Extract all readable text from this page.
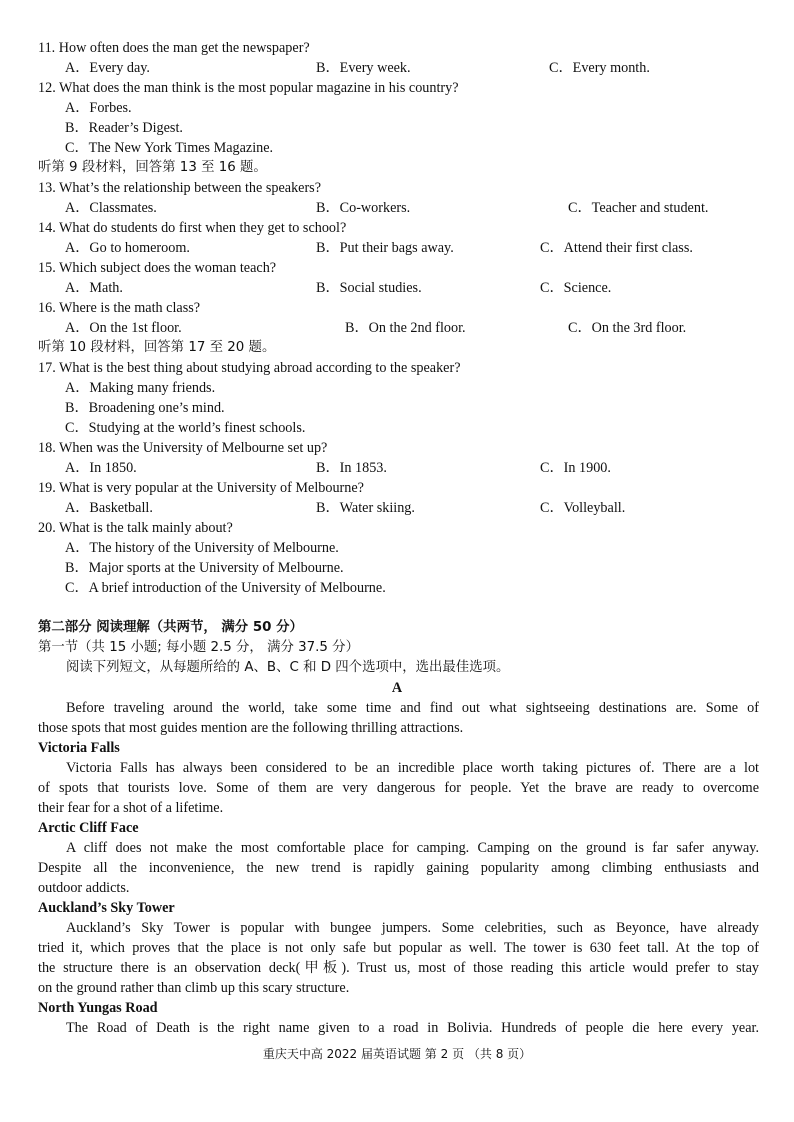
11. How often does the man get the newspaper?
A．Every day.	B．Every week.	C．Every month.
12. What does the man think is the most popular magazine in his country?
A．Forbes.
B．Reader’s Digest.
C．The New York Times Magazine.
听第 9 段材料，回答第 13 至 16 题。
13. What’s the relationship between the speakers?
A．Classmates.	B．Co-workers.	C．Teacher and student.
14. What do students do first when they get to school?
A．Go to homeroom.	B．Put their bags away.	C．Attend their first class.
15. Which subject does the woman teach?
A．Math.	B．Social studies.	C．Science.
16. Where is the math class?
A．On the 1st floor.	B．On the 2nd floor.	C．On the 3rd floor.
听第 10 段材料，回答第 17 至 20 题。
17. What is the best thing about studying abroad according to the speaker?
A．Making many friends.
B．Broadening one’s mind.
C．Studying at the world’s finest schools.
18. When was the University of Melbourne set up?
A．In 1850.	B．In 1853.	C．In 1900.
19. What is very popular at the University of Melbourne?
A．Basketball.	B．Water skiing.	C．Volleyball.
20. What is the talk mainly about?
A．The history of the University of Melbourne.
B．Major sports at the University of Melbourne.
C．A brief introduction of the University of Melbourne.
第二部分 阅读理解（共两节， 满分 50 分）
第一节（共 15 小题; 每小题 2.5 分， 满分 37.5 分）
阅读下列短文，从每题所给的 A、B、C 和 D 四个选项中，选出最佳选项。
A
Before traveling around the world, take some time and find out what sightseeing destinations are. Some of
those spots that most guides mention are the following thrilling attractions.
Victoria Falls
Victoria Falls has always been considered to be an incredible place worth taking pictures of. There are a lot
of spots that tourists love. Some of them are very dangerous for people. Yet the brave are ready to overcome
their fear for a shot of a lifetime.
Arctic Cliff Face
A cliff does not make the most comfortable place for camping. Camping on the ground is far safer anyway.
Despite all the inconvenience, the new trend is rapidly gaining popularity among climbing enthusiasts and
outdoor addicts.
Auckland’s Sky Tower
Auckland’s Sky Tower is popular with bungee jumpers. Some celebrities, such as Beyonce, have already
tried it, which proves that the place is not only safe but popular as well. The tower is 630 feet tall. At the top of
the structure there is an observation deck(甲板). Trust us, most of those reading this article would prefer to stay
on the ground rather than climb up this scary structure.
North Yungas Road
The Road of Death is the right name given to a road in Bolivia. Hundreds of people die here every year.
重庆天中高 2022 届英语试题 第 2 页 （共 8 页）
